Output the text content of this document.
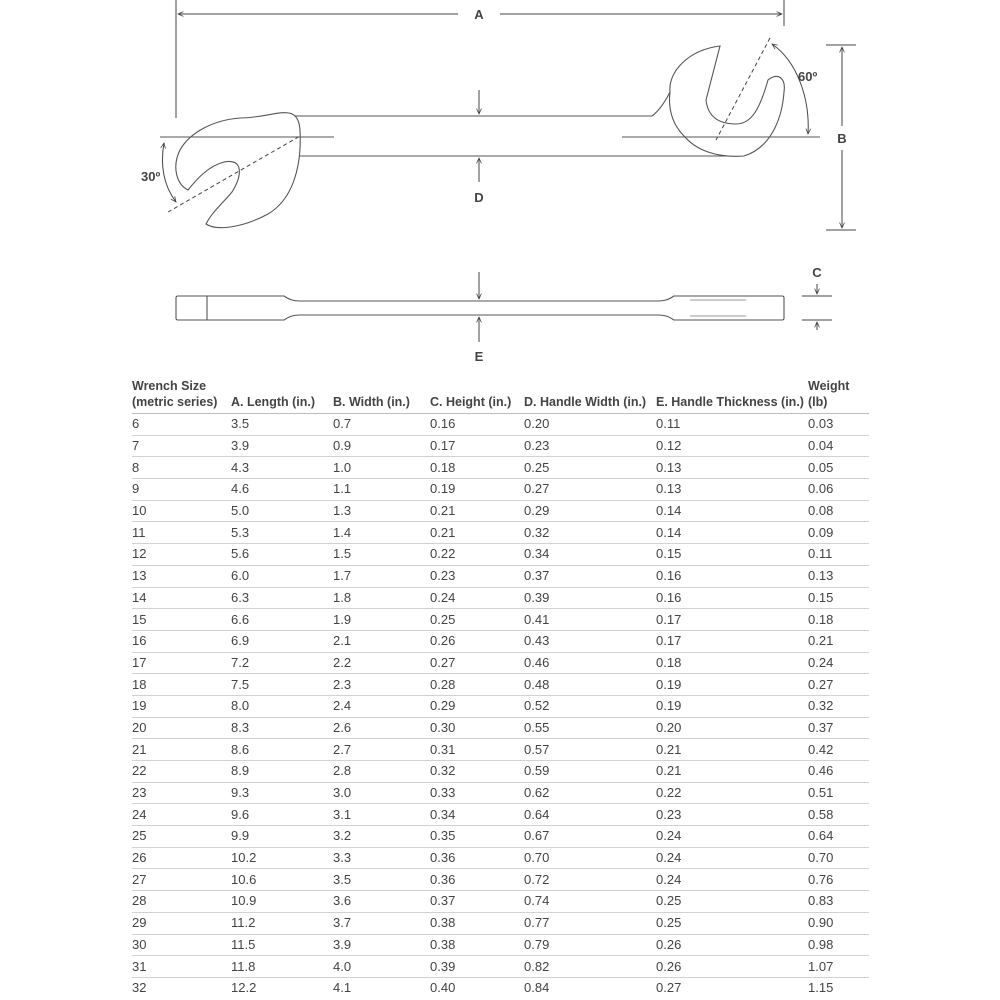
A
B
D
30º
60º
E
C
Wrench Size
(metric series)	A. Length (in.)	B. Width (in.)	C. Height (in.)	D. Handle Width (in.)	E. Handle Thickness (in.)	Weight (lb)
6	3.5	0.7	0.16	0.20	0.11	0.03
7	3.9	0.9	0.17	0.23	0.12	0.04
8	4.3	1.0	0.18	0.25	0.13	0.05
9	4.6	1.1	0.19	0.27	0.13	0.06
10	5.0	1.3	0.21	0.29	0.14	0.08
11	5.3	1.4	0.21	0.32	0.14	0.09
12	5.6	1.5	0.22	0.34	0.15	0.11
13	6.0	1.7	0.23	0.37	0.16	0.13
14	6.3	1.8	0.24	0.39	0.16	0.15
15	6.6	1.9	0.25	0.41	0.17	0.18
16	6.9	2.1	0.26	0.43	0.17	0.21
17	7.2	2.2	0.27	0.46	0.18	0.24
18	7.5	2.3	0.28	0.48	0.19	0.27
19	8.0	2.4	0.29	0.52	0.19	0.32
20	8.3	2.6	0.30	0.55	0.20	0.37
21	8.6	2.7	0.31	0.57	0.21	0.42
22	8.9	2.8	0.32	0.59	0.21	0.46
23	9.3	3.0	0.33	0.62	0.22	0.51
24	9.6	3.1	0.34	0.64	0.23	0.58
25	9.9	3.2	0.35	0.67	0.24	0.64
26	10.2	3.3	0.36	0.70	0.24	0.70
27	10.6	3.5	0.36	0.72	0.24	0.76
28	10.9	3.6	0.37	0.74	0.25	0.83
29	11.2	3.7	0.38	0.77	0.25	0.90
30	11.5	3.9	0.38	0.79	0.26	0.98
31	11.8	4.0	0.39	0.82	0.26	1.07
32	12.2	4.1	0.40	0.84	0.27	1.15
